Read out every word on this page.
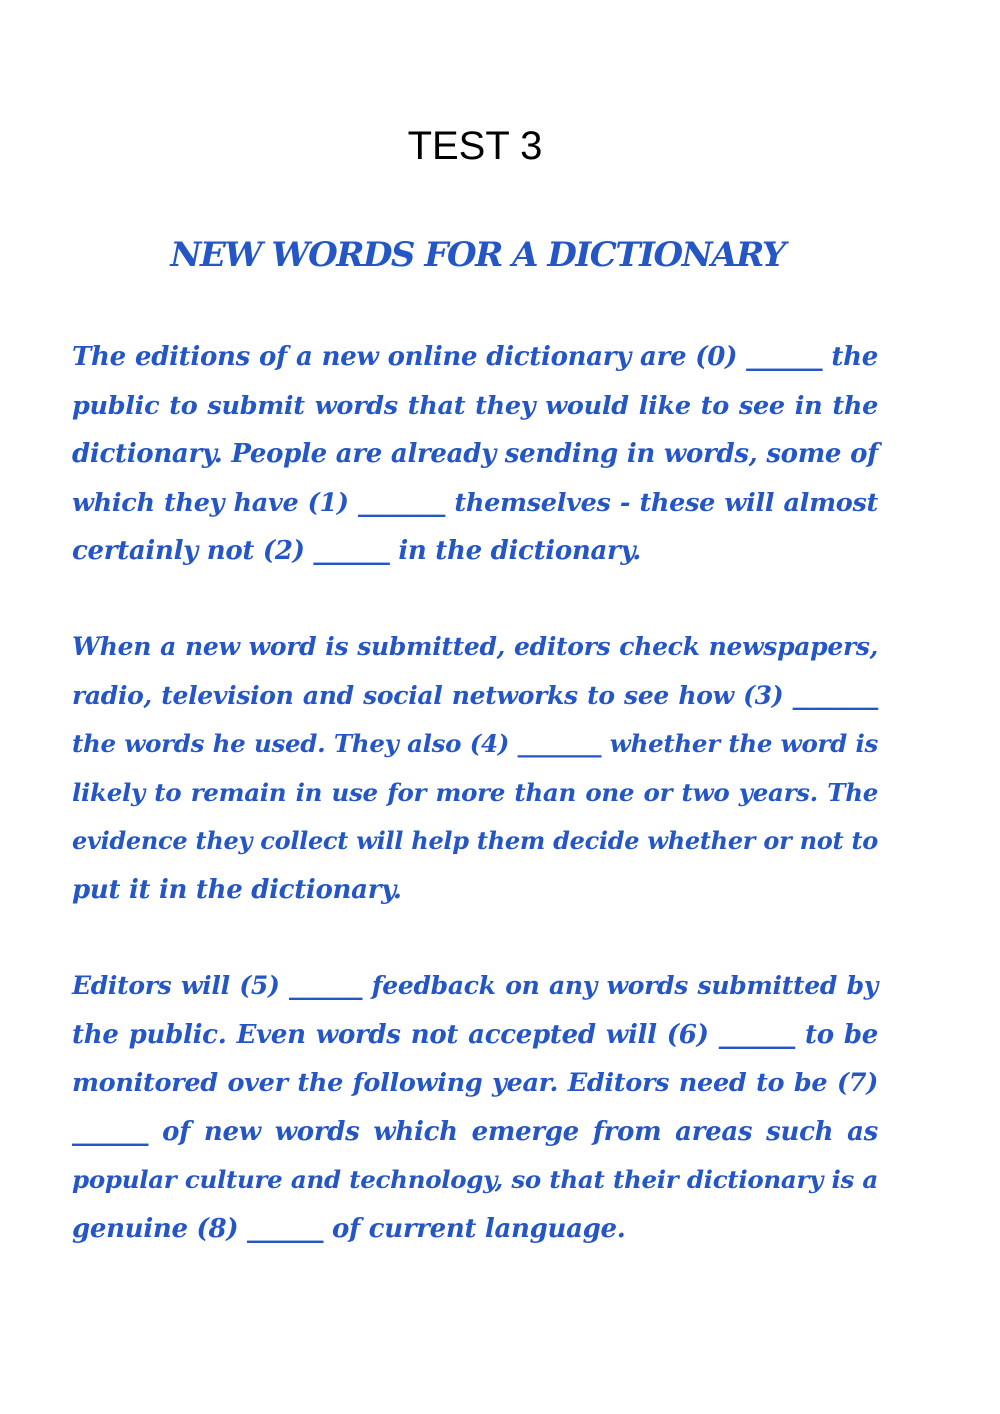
TEST 3
NEW WORDS FOR A DICTIONARY
The editions of a new online dictionary are (0) ______ the
public to submit words that they would like to see in the
dictionary. People are already sending in words, some of
which they have (1) _______ themselves - these will almost
certainly not (2) ______ in the dictionary.
When a new word is submitted, editors check newspapers,
radio, television and social networks to see how (3) _______
the words he used. They also (4) _______ whether the word is
likely to remain in use for more than one or two years. The
evidence they collect will help them decide whether or not to
put it in the dictionary.
Editors will (5) ______ feedback on any words submitted by
the public. Even words not accepted will (6) ______ to be
monitored over the following year. Editors need to be (7)
______ of new words which emerge from areas such as
popular culture and technology, so that their dictionary is a
genuine (8) ______ of current language.
